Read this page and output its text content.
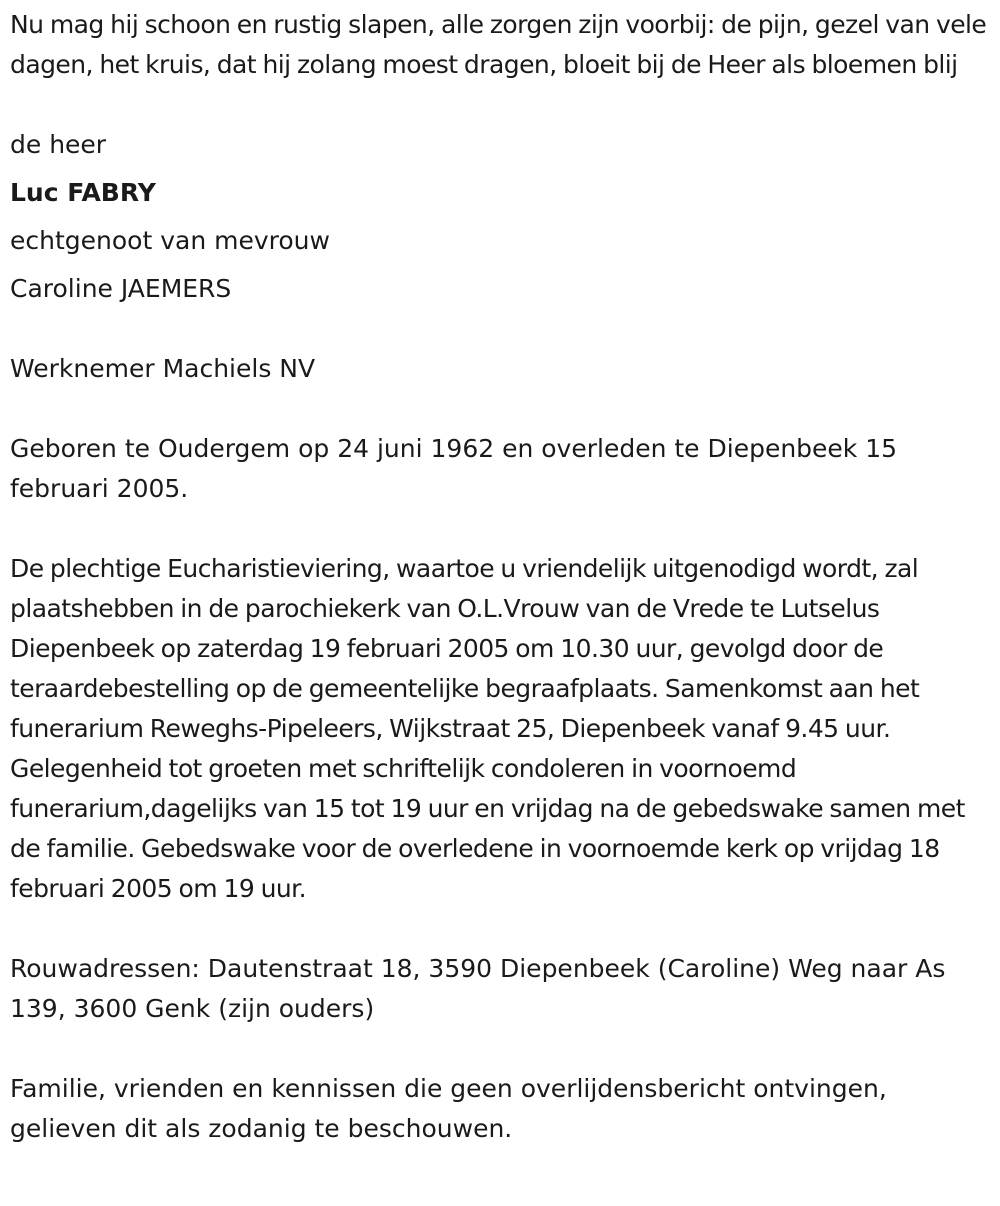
Nu mag hij schoon en rustig slapen, alle zorgen zijn voorbij: de pijn, gezel van vele dagen, het kruis, dat hij zolang moest dragen, bloeit bij de Heer als bloemen blij

de heer

Luc FABRY

echtgenoot van mevrouw

Caroline JAEMERS

Werknemer Machiels NV

Geboren te Oudergem op 24 juni 1962 en overleden te Diepenbeek 15 februari 2005.

De plechtige Eucharistieviering, waartoe u vriendelijk uitgenodigd wordt, zal plaatshebben in de parochiekerk van O.L.Vrouw van de Vrede te Lutselus Diepenbeek op zaterdag 19 februari 2005 om 10.30 uur, gevolgd door de teraardebestelling op de gemeentelijke begraafplaats. Samenkomst aan het funerarium Reweghs-Pipeleers, Wijkstraat 25, Diepenbeek vanaf 9.45 uur. Gelegenheid tot groeten met schriftelijk condoleren in voornoemd funerarium,dagelijks van 15 tot 19 uur en vrijdag na de gebedswake samen met de familie. Gebedswake voor de overledene in voornoemde kerk op vrijdag 18 februari 2005 om 19 uur.

Rouwadressen: Dautenstraat 18, 3590 Diepenbeek (Caroline) Weg naar As 139, 3600 Genk (zijn ouders)

Familie, vrienden en kennissen die geen overlijdensbericht ontvingen, gelieven dit als zodanig te beschouwen.
